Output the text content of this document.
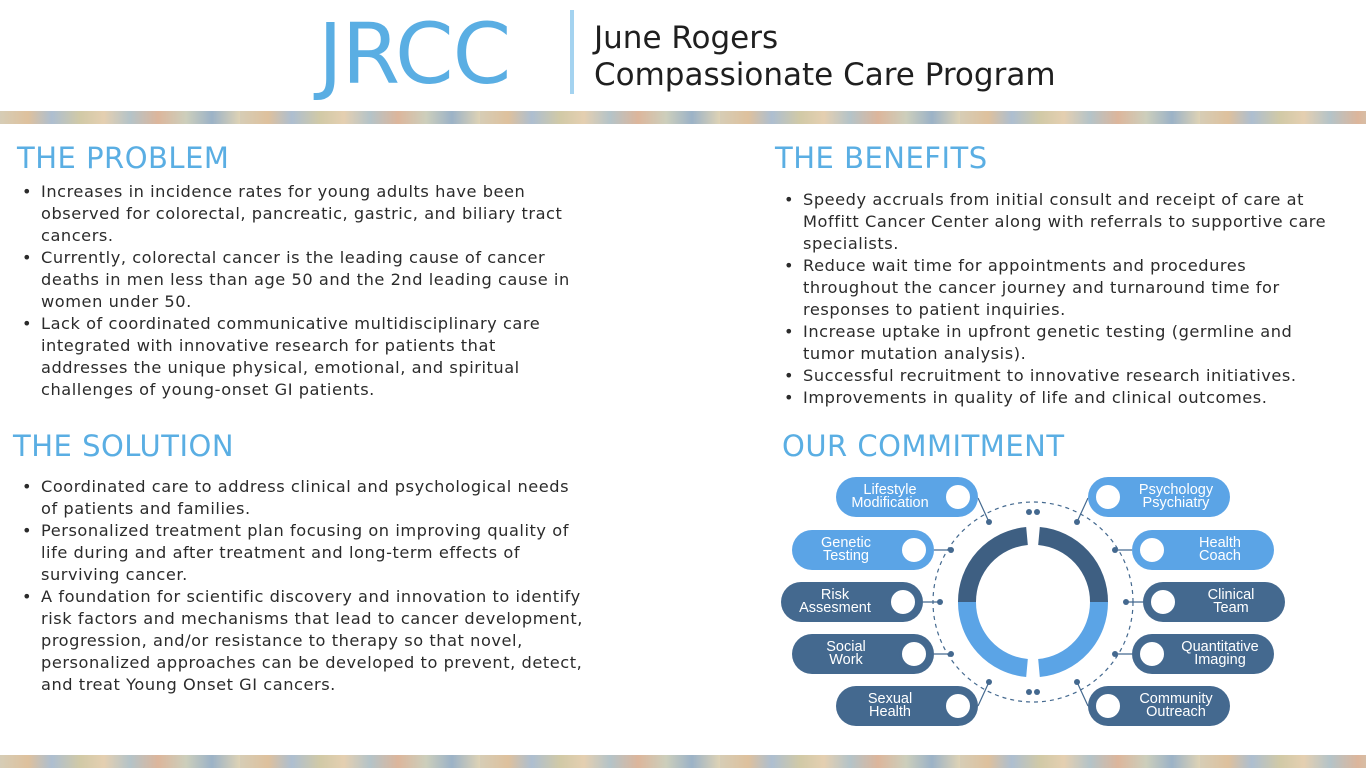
JRCC	June Rogers
Compassionate Care Program
THE PROBLEM
• Increases in incidence rates for young adults have been observed for colorectal, pancreatic, gastric, and biliary tract cancers.
• Currently, colorectal cancer is the leading cause of cancer deaths in men less than age 50 and the 2nd leading cause in women under 50.
• Lack of coordinated communicative multidisciplinary care integrated with innovative research for patients that addresses the unique physical, emotional, and spiritual challenges of young-onset GI patients.
THE SOLUTION
• Coordinated care to address clinical and psychological needs of patients and families.
• Personalized treatment plan focusing on improving quality of life during and after treatment and long-term effects of surviving cancer.
• A foundation for scientific discovery and innovation to identify risk factors and mechanisms that lead to cancer development, progression, and/or resistance to therapy so that novel, personalized approaches can be developed to prevent, detect, and treat Young Onset GI cancers.
THE BENEFITS
• Speedy accruals from initial consult and receipt of care at Moffitt Cancer Center along with referrals to supportive care specialists.
• Reduce wait time for appointments and procedures throughout the cancer journey and turnaround time for responses to patient inquiries.
• Increase uptake in upfront genetic testing (germline and tumor mutation analysis).
• Successful recruitment to innovative research initiatives.
• Improvements in quality of life and clinical outcomes.
OUR COMMITMENT
Lifestyle
Modification
Genetic
Testing
Risk
Assesment
Social
Work
Sexual
Health
Psychology
Psychiatry
Health
Coach
Clinical
Team
Quantitative
Imaging
Community
Outreach
